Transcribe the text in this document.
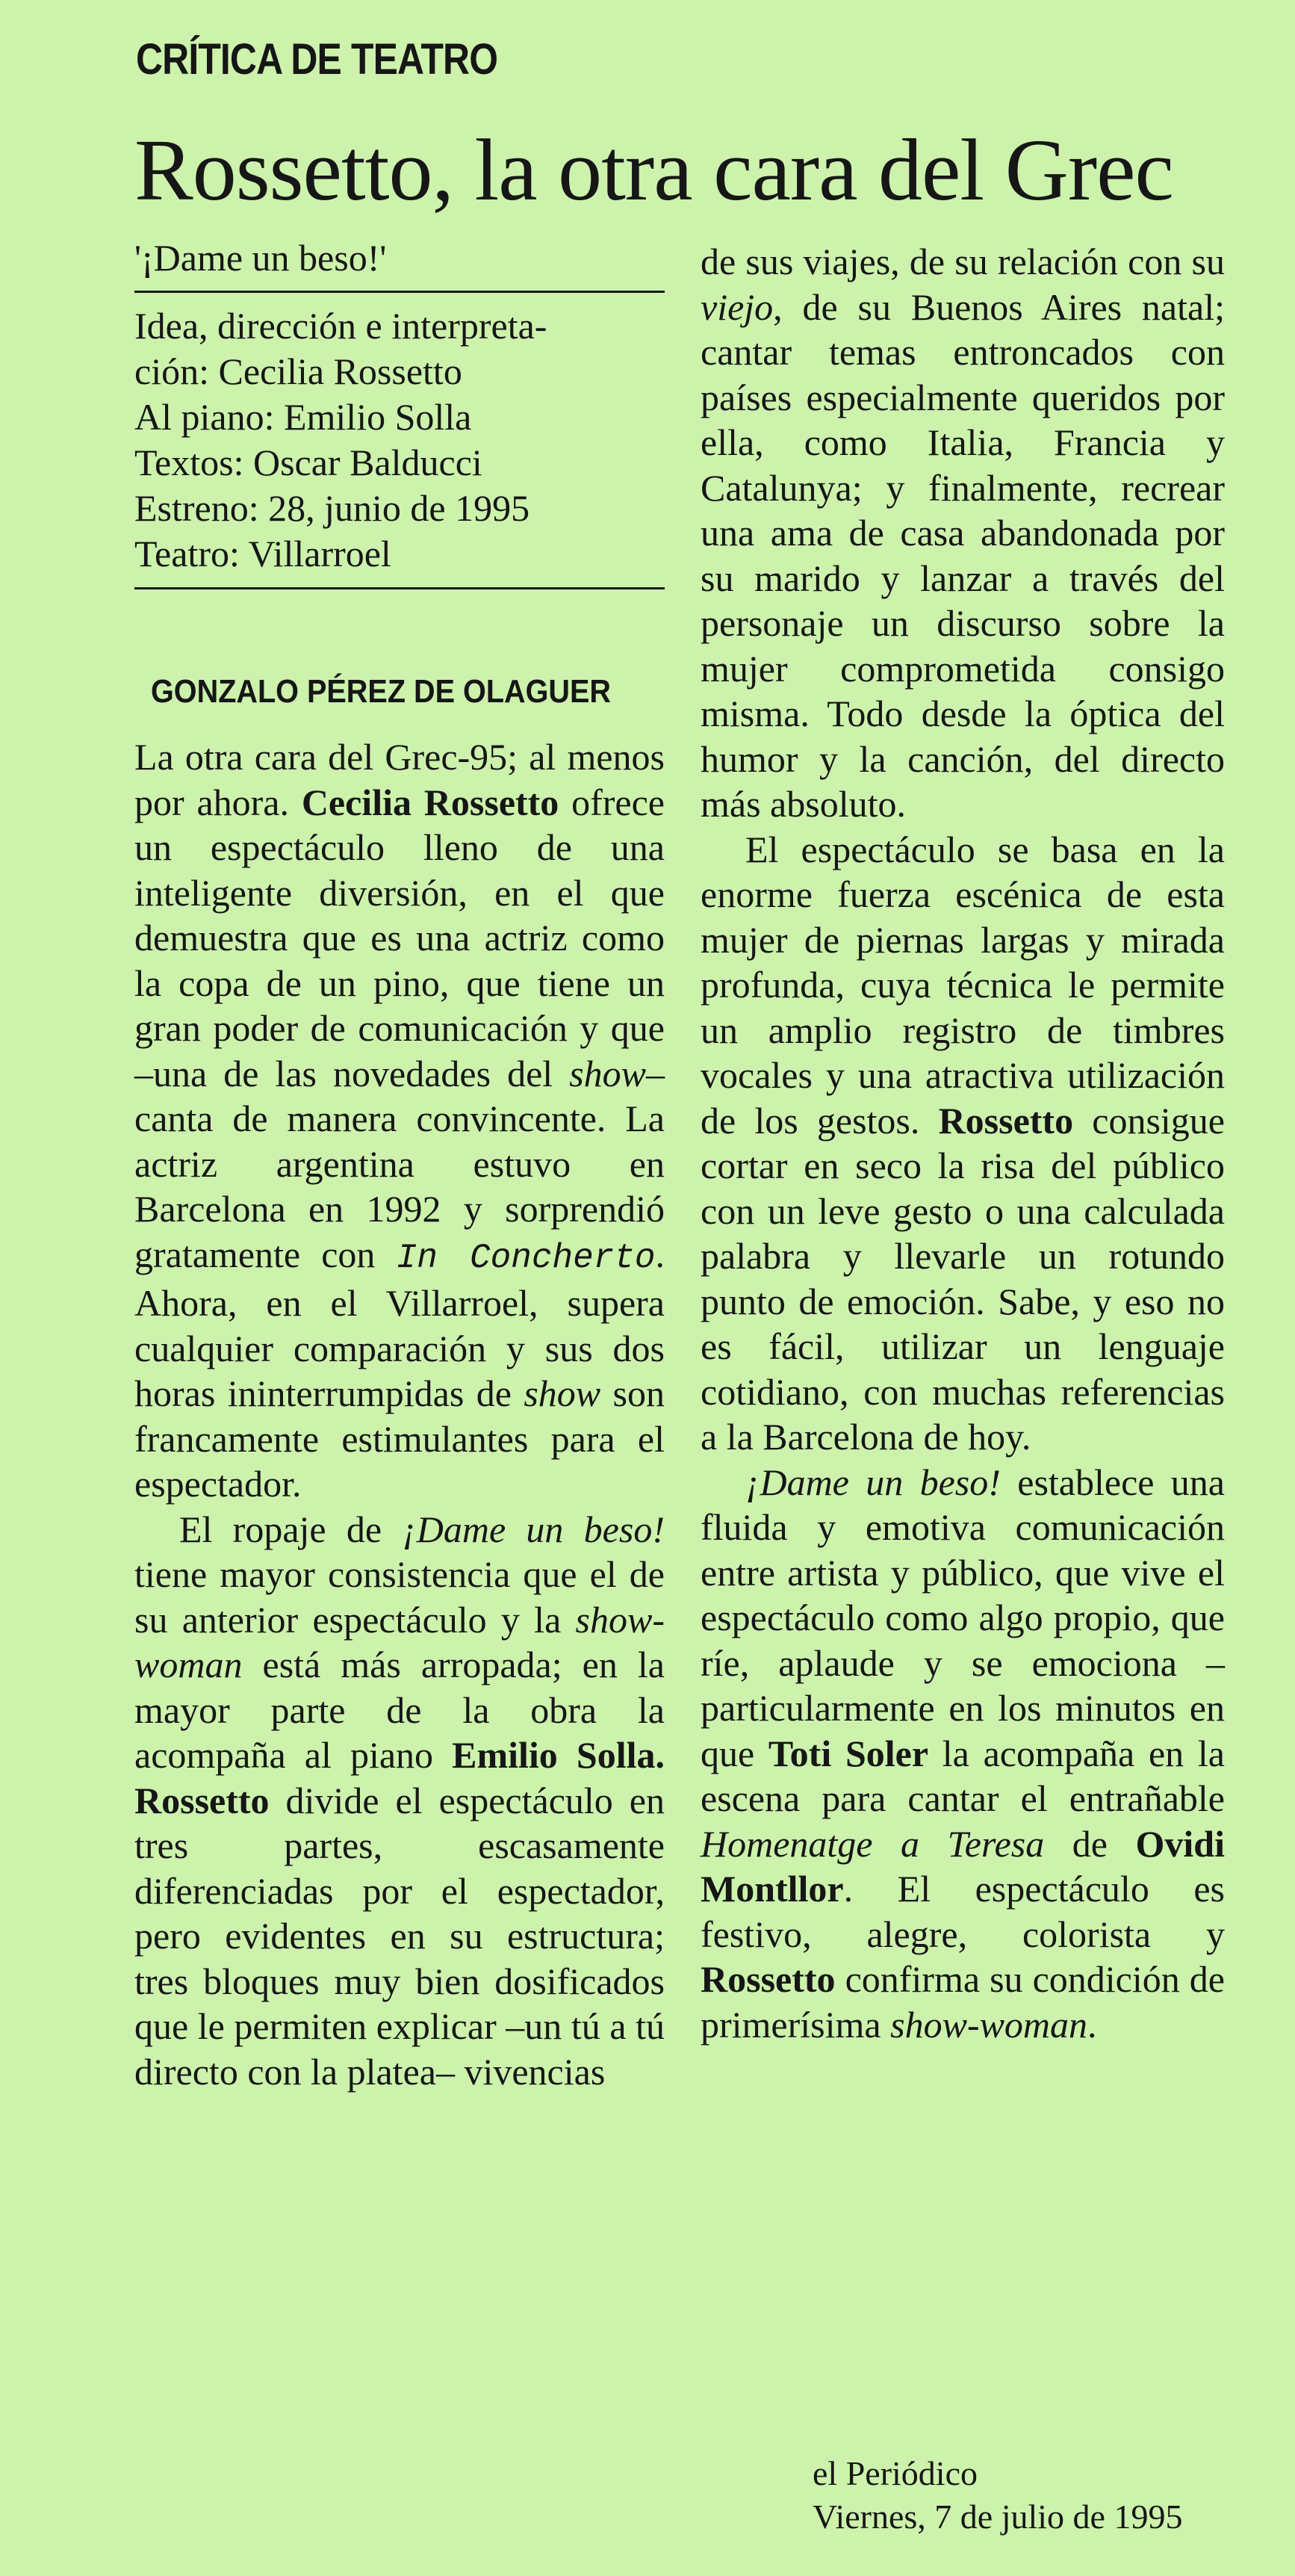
CRÍTICA DE TEATRO

Rossetto, la otra cara del Grec

'¡Dame un beso!'

Idea, dirección e interpreta-

ción: Cecilia Rossetto

Al piano: Emilio Solla

Textos: Oscar Balducci

Estreno: 28, junio de 1995

Teatro: Villarroel

GONZALO PÉREZ DE OLAGUER

La otra cara del Grec-95; al menos por ahora. Cecilia Rossetto ofrece un espectáculo lleno de una inteligente diversión, en el que demuestra que es una actriz como la copa de un pino, que tiene un gran poder de comunicación y que –una de las novedades del show– canta de manera convincente. La actriz argentina estuvo en Barcelona en 1992 y sorprendió gratamente con In Concherto. Ahora, en el Villarroel, supera cualquier comparación y sus dos horas ininterrumpidas de show son francamente estimulantes para el espectador.

El ropaje de ¡Dame un beso! tiene mayor consistencia que el de su anterior espectáculo y la show-woman está más arropada; en la mayor parte de la obra la acompaña al piano Emilio Solla. Rossetto divide el espectáculo en tres partes, escasamente diferenciadas por el espectador, pero evidentes en su estructura; tres bloques muy bien dosificados que le permiten explicar –un tú a tú directo con la platea– vivencias

de sus viajes, de su relación con su viejo, de su Buenos Aires natal; cantar temas entroncados con países especialmente queridos por ella, como Italia, Francia y Catalunya; y finalmente, recrear una ama de casa abandonada por su marido y lanzar a través del personaje un discurso sobre la mujer comprometida consigo misma. Todo desde la óptica del humor y la canción, del directo más absoluto.

El espectáculo se basa en la enorme fuerza escénica de esta mujer de piernas largas y mirada profunda, cuya técnica le permite un amplio registro de timbres vocales y una atractiva utilización de los gestos. Rossetto consigue cortar en seco la risa del público con un leve gesto o una calculada palabra y llevarle un rotundo punto de emoción. Sabe, y eso no es fácil, utilizar un lenguaje cotidiano, con muchas referencias a la Barcelona de hoy.

¡Dame un beso! establece una fluida y emotiva comunicación entre artista y público, que vive el espectáculo como algo propio, que ríe, aplaude y se emociona –particularmente en los minutos en que Toti Soler la acompaña en la escena para cantar el entrañable Homenatge a Teresa de Ovidi Montllor. El espectáculo es festivo, alegre, colorista y Rossetto confirma su condición de primerísima show-woman.

el Periódico

Viernes, 7 de julio de 1995
